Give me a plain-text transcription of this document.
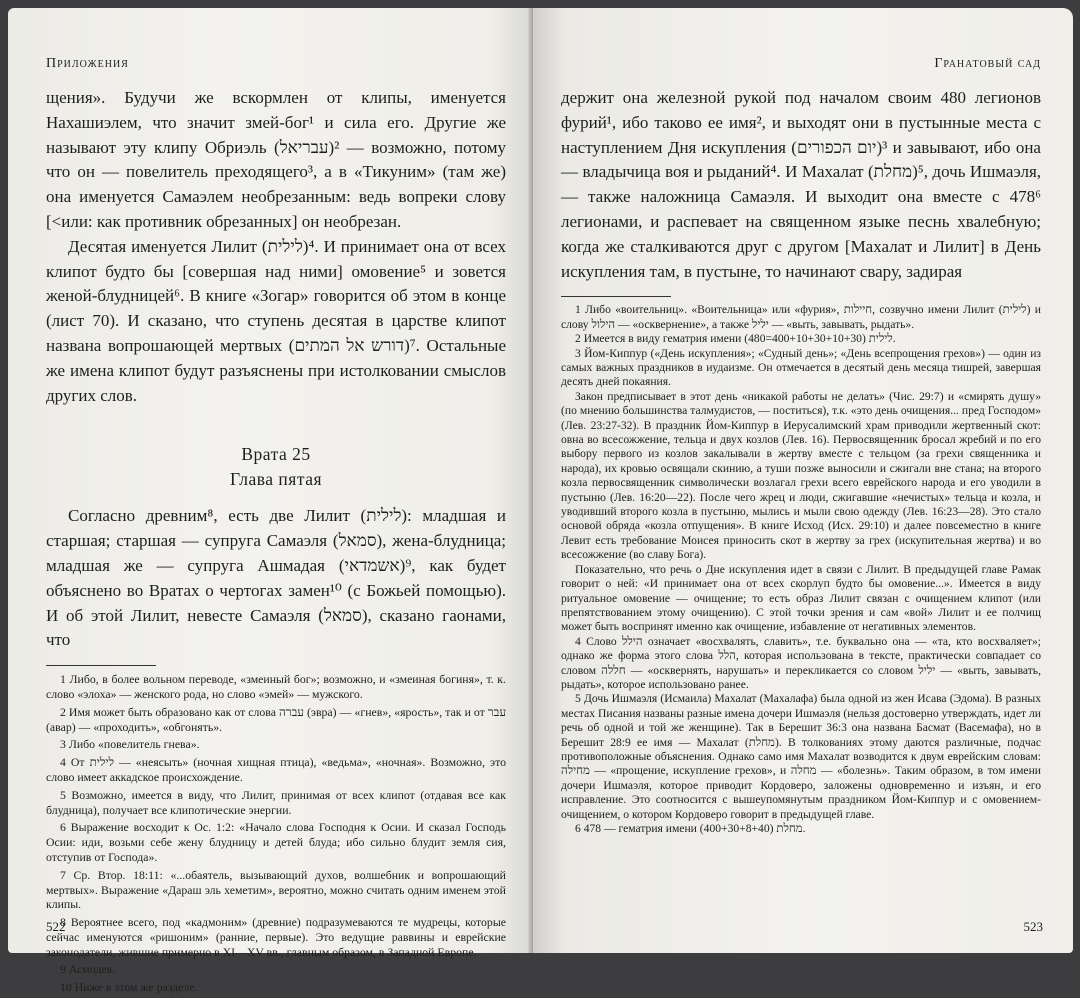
Приложения

щения». Будучи же вскормлен от клипы, именуется Нахашиэлем, что значит змей-бог¹ и сила его. Другие же называют эту клипу Обриэль (עבריאל)² — возможно, потому что он — повелитель преходящего³, а в «Тикуним» (там же) она именуется Самаэлем необрезанным: ведь вопреки слову [<или: как противник обрезанных] он необрезан.

Десятая именуется Лилит (לילית)⁴. И принимает она от всех клипот будто бы [совершая над ними] омовение⁵ и зовется женой-блудницей⁶. В книге «Зогар» говорится об этом в конце (лист 70). И сказано, что ступень десятая в царстве клипот названа вопрошающей мертвых (דורש אל המתים)⁷. Остальные же имена клипот будут разъяснены при истолковании смыслов других слов.

Врата 25
Глава пятая

Согласно древним⁸, есть две Лилит (לילית): младшая и старшая; старшая — супруга Самаэля (סמאל), жена-блудница; младшая же — супруга Ашмадая (אשמדאי)⁹, как будет объяснено во Вратах о чертогах замен¹⁰ (с Божьей помощью). И об этой Лилит, невесте Самаэля (סמאל), сказано гаонами, что

1 Либо, в более вольном переводе, «змеиный бог»; возможно, и «змеиная богиня», т. к. слово «элоха» — женского рода, но слово «эмей» — мужского.

2 Имя может быть образовано как от слова עברה (эвра) — «гнев», «ярость», так и от עבר (авар) — «проходить», «обгонять».

3 Либо «повелитель гнева».

4 От לילית — «неясыть» (ночная хищная птица), «ведьма», «ночная». Возможно, это слово имеет аккадское происхождение.

5 Возможно, имеется в виду, что Лилит, принимая от всех клипот (отдавая все как блудница), получает все клипотические энергии.

6 Выражение восходит к Ос. 1:2: «Начало слова Господня к Осии. И сказал Господь Осии: иди, возьми себе жену блудницу и детей блуда; ибо сильно блудит земля сия, отступив от Господа».

7 Ср. Втор. 18:11: «...обаятель, вызывающий духов, волшебник и вопрошающий мертвых». Выражение «Дараш эль хеметим», вероятно, можно считать одним именем этой клипы.

8 Вероятнее всего, под «кадмоним» (древние) подразумеваются те мудрецы, которые сейчас именуются «ришоним» (ранние, первые). Это ведущие раввины и еврейские законодатели, жившие примерно в XI—XV вв., главным образом, в Западной Европе.

9 Асмодея.

10 Ниже в этом же разделе.

522
Гранатовый сад

держит она железной рукой под началом своим 480 легионов фурий¹, ибо таково ее имя², и выходят они в пустынные места с наступлением Дня искупления (יום הכפורים)³ и завывают, ибо она — владычица воя и рыданий⁴. И Махалат (מחלת)⁵, дочь Ишмаэля, — также наложница Самаэля. И выходит она вместе с 478⁶ легионами, и распевает на священном языке песнь хвалебную; когда же сталкиваются друг с другом [Махалат и Лилит] в День искупления там, в пустыне, то начинают свару, задирая

1 Либо «воительниц». «Воительница» или «фурия», חיילות, созвучно имени Лилит (לילית) и слову הילול — «осквернение», а также יליל — «выть, завывать, рыдать».

2 Имеется в виду гематрия имени לילית (400+10+30+10+30=480).

3 Йом-Киппур («День искупления»; «Судный день»; «День всепрощения грехов») — один из самых важных праздников в иудаизме. Он отмечается в десятый день месяца тишрей, завершая десять дней покаяния.

Закон предписывает в этот день «никакой работы не делать» (Чис. 29:7) и «смирять душу» (по мнению большинства талмудистов, — поститься), т.к. «это день очищения... пред Господом» (Лев. 23:27-32). В праздник Йом-Киппур в Иерусалимский храм приводили жертвенный скот: овна во всесожжение, тельца и двух козлов (Лев. 16). Первосвященник бросал жребий и по его выбору первого из козлов закалывали в жертву вместе с тельцом (за грехи священника и народа), их кровью освящали скинию, а туши позже выносили и сжигали вне стана; на второго козла первосвященник символически возлагал грехи всего еврейского народа и его уводили в пустыню (Лев. 16:20—22). После чего жрец и люди, сжигавшие «нечистых» тельца и козла, и уводивший второго козла в пустыню, мылись и мыли свою одежду (Лев. 16:23—28). Это стало основой обряда «козла отпущения». В книге Исход (Исх. 29:10) и далее повсеместно в книге Левит есть требование Моисея приносить скот в жертву за грех (искупительная жертва) и во всесожжение (во славу Бога).

Показательно, что речь о Дне искупления идет в связи с Лилит. В предыдущей главе Рамак говорит о ней: «И принимает она от всех скорлуп будто бы омовение...». Имеется в виду ритуальное омовение — очищение; то есть образ Лилит связан с очищением клипот (или препятствованием этому очищению). С этой точки зрения и сам «вой» Лилит и ее полчищ может быть воспринят именно как очищение, избавление от негативных элементов.

4 Слово הילל означает «восхвалять, славить», т.е. буквально она — «та, кто восхваляет»; однако же форма этого слова הלל, которая использована в тексте, практически совпадает со словом חללה — «осквернять, нарушать» и перекликается со словом יליל — «выть, завывать, рыдать», которое использовано ранее.

5 Дочь Ишмаэля (Исмаила) Махалат (Махалафа) была одной из жен Исава (Эдома). В разных местах Писания названы разные имена дочери Ишмаэля (нельзя достоверно утверждать, идет ли речь об одной и той же женщине). Так в Берешит 36:3 она названа Басмат (Васемафа), но в Берешит 28:9 ее имя — Махалат (מחלת). В толкованиях этому даются различные, подчас противоположные объяснения. Однако само имя Махалат возводится к двум еврейским словам: מחילה — «прощение, искупление грехов», и מחלה — «болезнь». Таким образом, в том имени дочери Ишмаэля, которое приводит Кордоверо, заложены одновременно и изъян, и его исправление. Это соотносится с вышеупомянутым праздником Йом-Киппур и с омовением-очищением, о котором Кордоверо говорит в предыдущей главе.

6 478 — гематрия имени מחלת (400+30+8+40).

523
